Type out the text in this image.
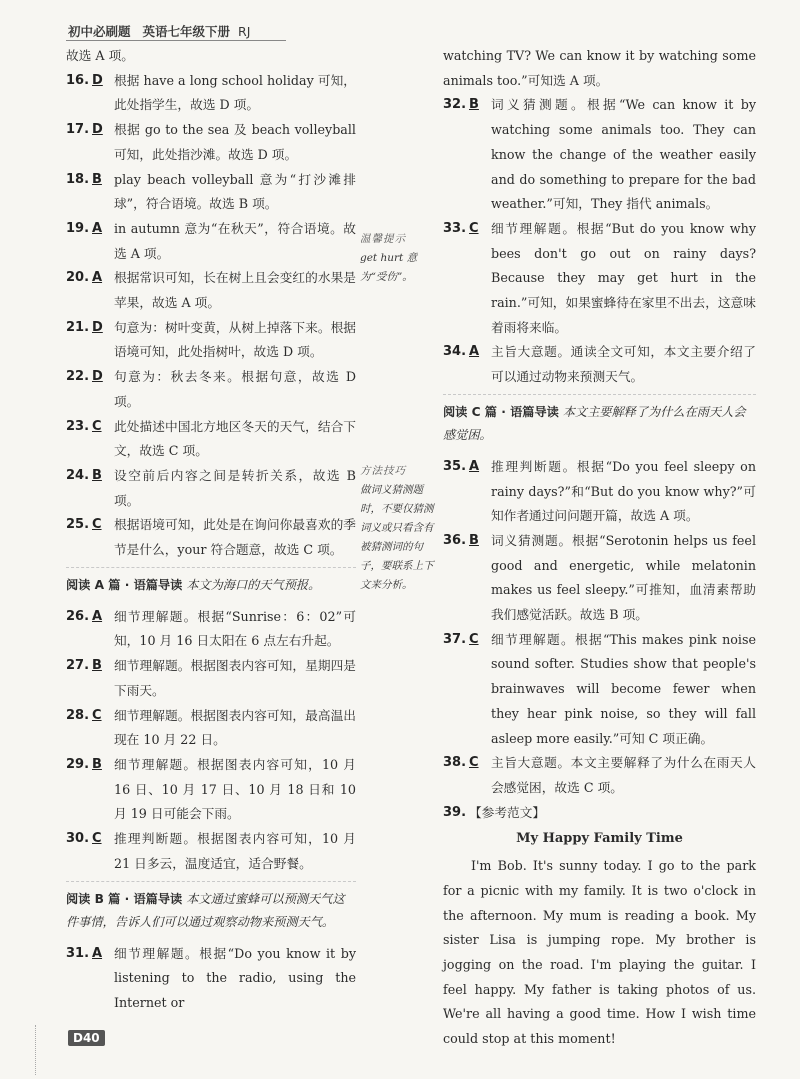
初中必刷题 英语七年级下册 RJ
故选 A 项。
16. D 根据 have a long school holiday 可知，此处指学生，故选 D 项。
17. D 根据 go to the sea 及 beach volleyball 可知，此处指沙滩。故选 D 项。
18. B play beach volleyball 意为“打沙滩排球”，符合语境。故选 B 项。
19. A in autumn 意为“在秋天”，符合语境。故选 A 项。
20. A 根据常识可知，长在树上且会变红的水果是苹果，故选 A 项。
21. D 句意为：树叶变黄，从树上掉落下来。根据语境可知，此处指树叶，故选 D 项。
22. D 句意为：秋去冬来。根据句意，故选 D 项。
23. C 此处描述中国北方地区冬天的天气，结合下文，故选 C 项。
24. B 设空前后内容之间是转折关系，故选 B 项。
25. C 根据语境可知，此处是在询问你最喜欢的季节是什么，your 符合题意，故选 C 项。
阅读 A 篇 · 语篇导读 本文为海口的天气预报。
26. A 细节理解题。根据“Sunrise：6：02”可知，10 月 16 日太阳在 6 点左右升起。
27. B 细节理解题。根据图表内容可知，星期四是下雨天。
28. C 细节理解题。根据图表内容可知，最高温出现在 10 月 22 日。
29. B 细节理解题。根据图表内容可知，10 月 16 日、10 月 17 日、10 月 18 日和 10 月 19 日可能会下雨。
30. C 推理判断题。根据图表内容可知，10 月 21 日多云，温度适宜，适合野餐。
阅读 B 篇 · 语篇导读 本文通过蜜蜂可以预测天气这件事情，告诉人们可以通过观察动物来预测天气。
31. A 细节理解题。根据“Do you know it by listening to the radio, using the Internet or
温馨提示
get hurt 意为“受伤”。
方法技巧
做词义猜测题时，不要仅猜测词义或只看含有被猜测词的句子，要联系上下文来分析。
watching TV? We can know it by watching some animals too.”可知选 A 项。
32. B 词义猜测题。根据“We can know it by watching some animals too. They can know the change of the weather easily and do something to prepare for the bad weather.”可知，They 指代 animals。
33. C 细节理解题。根据“But do you know why bees don't go out on rainy days? Because they may get hurt in the rain.”可知，如果蜜蜂待在家里不出去，这意味着雨将来临。
34. A 主旨大意题。通读全文可知，本文主要介绍了可以通过动物来预测天气。
阅读 C 篇 · 语篇导读 本文主要解释了为什么在雨天人会感觉困。
35. A 推理判断题。根据“Do you feel sleepy on rainy days?”和“But do you know why?”可知作者通过问问题开篇，故选 A 项。
36. B 词义猜测题。根据“Serotonin helps us feel good and energetic, while melatonin makes us feel sleepy.”可推知，血清素帮助我们感觉活跃。故选 B 项。
37. C 细节理解题。根据“This makes pink noise sound softer. Studies show that people's brainwaves will become fewer when they hear pink noise, so they will fall asleep more easily.”可知 C 项正确。
38. C 主旨大意题。本文主要解释了为什么在雨天人会感觉困，故选 C 项。
39. 【参考范文】
My Happy Family Time
I'm Bob. It's sunny today. I go to the park for a picnic with my family. It is two o'clock in the afternoon. My mum is reading a book. My sister Lisa is jumping rope. My brother is jogging on the road. I'm playing the guitar. I feel happy. My father is taking photos of us. We're all having a good time. How I wish time could stop at this moment!
D40
